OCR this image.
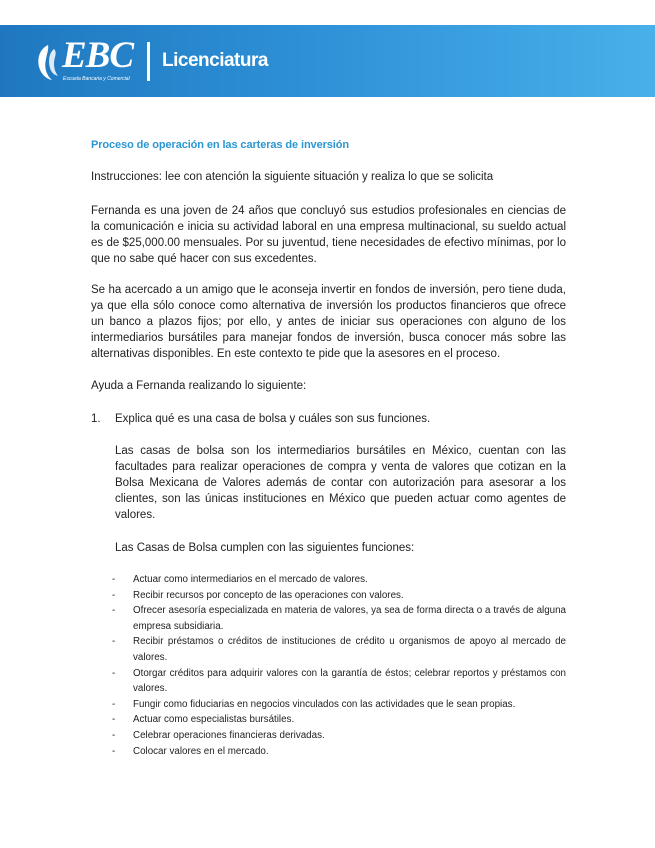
EBC
Escuela Bancaria y Comercial
Licenciatura
Proceso de operación en las carteras de inversión

Instrucciones: lee con atención la siguiente situación y realiza lo que se solicita

Fernanda es una joven de 24 años que concluyó sus estudios profesionales en ciencias de la comunicación e inicia su actividad laboral en una empresa multinacional, su sueldo actual es de $25,000.00 mensuales. Por su juventud, tiene necesidades de efectivo mínimas, por lo que no sabe qué hacer con sus excedentes.

Se ha acercado a un amigo que le aconseja invertir en fondos de inversión, pero tiene duda, ya que ella sólo conoce como alternativa de inversión los productos financieros que ofrece un banco a plazos fijos; por ello, y antes de iniciar sus operaciones con alguno de los intermediarios bursátiles para manejar fondos de inversión, busca conocer más sobre las alternativas disponibles. En este contexto te pide que la asesores en el proceso.

Ayuda a Fernanda realizando lo siguiente:

1. Explica qué es una casa de bolsa y cuáles son sus funciones.

Las casas de bolsa son los intermediarios bursátiles en México, cuentan con las facultades para realizar operaciones de compra y venta de valores que cotizan en la Bolsa Mexicana de Valores además de contar con autorización para asesorar a los clientes, son las únicas instituciones en México que pueden actuar como agentes de valores.

Las Casas de Bolsa cumplen con las siguientes funciones:

- Actuar como intermediarios en el mercado de valores.
- Recibir recursos por concepto de las operaciones con valores.
- Ofrecer asesoría especializada en materia de valores, ya sea de forma directa o a través de alguna empresa subsidiaria.
- Recibir préstamos o créditos de instituciones de crédito u organismos de apoyo al mercado de valores.
- Otorgar créditos para adquirir valores con la garantía de éstos; celebrar reportos y préstamos con valores.
- Fungir como fiduciarias en negocios vinculados con las actividades que le sean propias.
- Actuar como especialistas bursátiles.
- Celebrar operaciones financieras derivadas.
- Colocar valores en el mercado.
